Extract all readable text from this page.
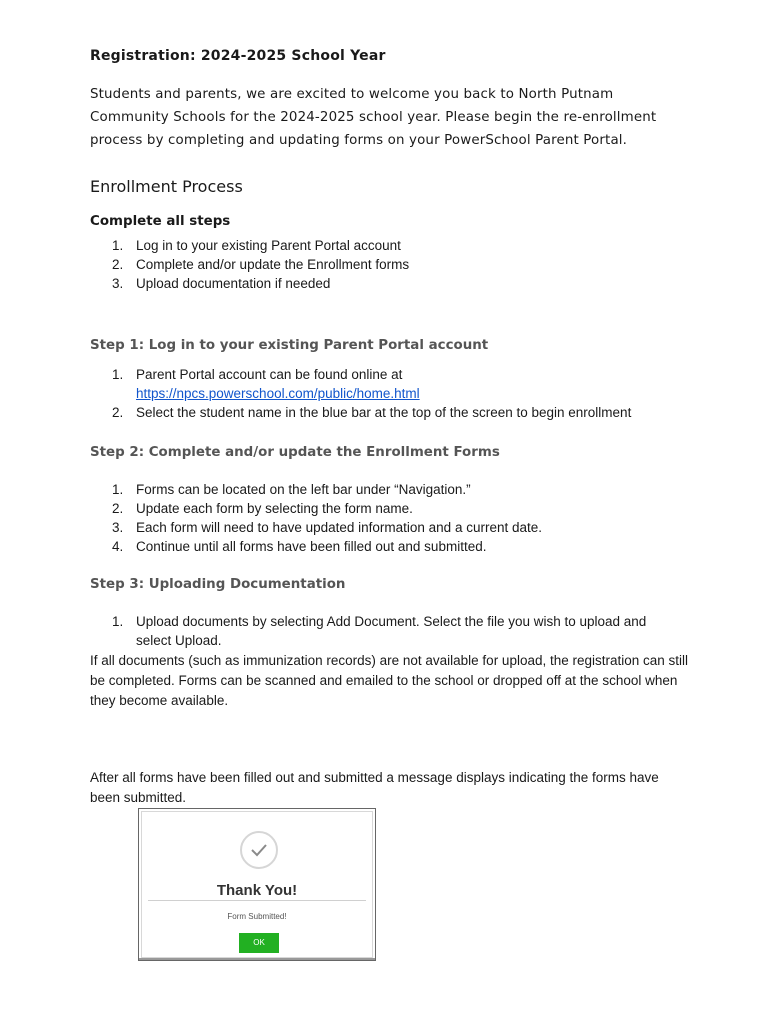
Registration: 2024-2025 School Year
Students and parents, we are excited to welcome you back to North Putnam Community Schools for the 2024-2025 school year. Please begin the re-enrollment process by completing and updating forms on your PowerSchool Parent Portal.
Enrollment Process
Complete all steps
1. Log in to your existing Parent Portal account
2. Complete and/or update the Enrollment forms
3. Upload documentation if needed
Step 1: Log in to your existing Parent Portal account
1. Parent Portal account can be found online at
https://npcs.powerschool.com/public/home.html
2. Select the student name in the blue bar at the top of the screen to begin enrollment
Step 2: Complete and/or update the Enrollment Forms
1. Forms can be located on the left bar under “Navigation.”
2. Update each form by selecting the form name.
3. Each form will need to have updated information and a current date.
4. Continue until all forms have been filled out and submitted.
Step 3: Uploading Documentation
1. Upload documents by selecting Add Document. Select the file you wish to upload and
select Upload.
If all documents (such as immunization records) are not available for upload, the registration can still be completed. Forms can be scanned and emailed to the school or dropped off at the school when they become available.
After all forms have been filled out and submitted a message displays indicating the forms have been submitted.
Thank You!
Form Submitted!
OK
